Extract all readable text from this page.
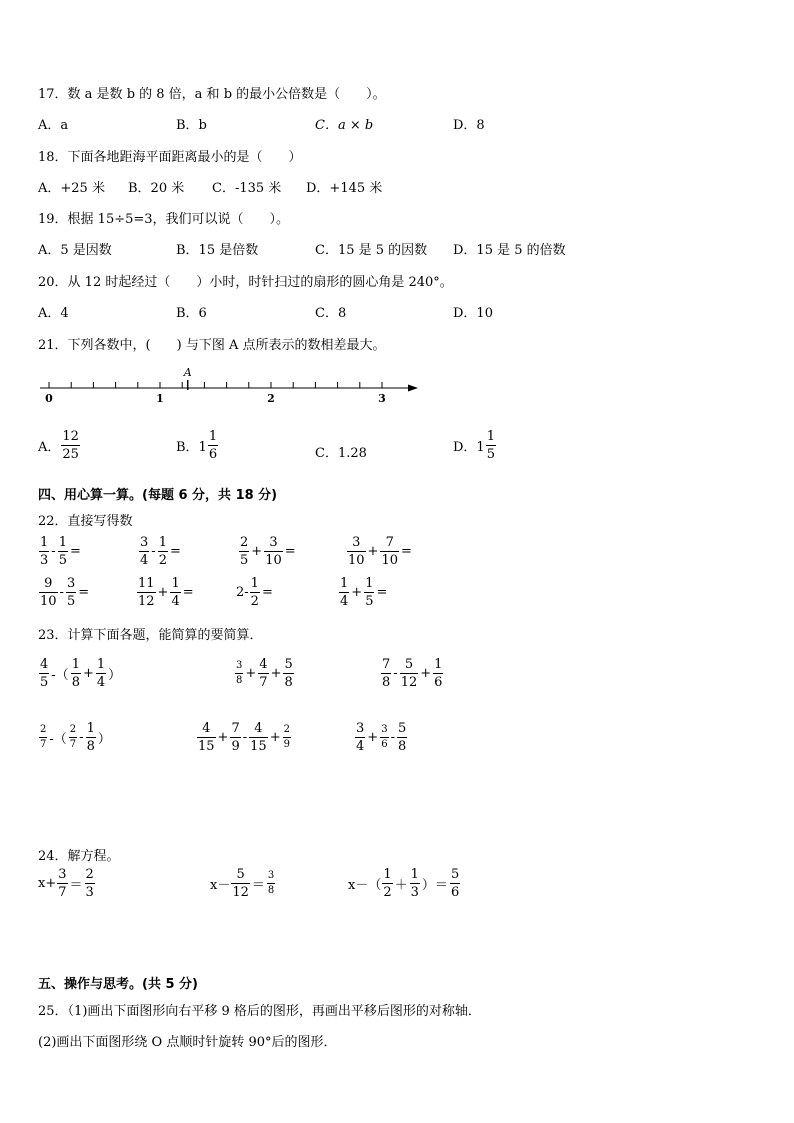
17．数 a 是数 b 的 8 倍，a 和 b 的最小公倍数是（　　）。
A．a	B．b	C．a × b	D．8
18．下面各地距海平面距离最小的是（　　）
A．+25 米 B．20 米 C．-135 米 D．+145 米
19．根据 15÷5=3，我们可以说（　　）。
A．5 是因数	B．15 是倍数	C．15 是 5 的因数 D．15 是 5 的倍数
20．从 12 时起经过（　　）小时，时针扫过的扇形的圆心角是 240°。
A．4	B．6	C．8	D．10
21．下列各数中，(　　) 与下图 A 点所表示的数相差最大。
0	1	2	3
A
A． $\frac{12}{25}$	B．$1 \frac{1}{6}$	C．1.28	D．$1 \frac{1}{5}$
四、用心算一算。(每题 6 分，共 18 分)
22．直接写得数
$\frac{1}{3} - \frac{1}{5}$ =	$\frac{3}{4} - \frac{1}{2}$ =	$\frac{2}{5} + \frac{3}{10}$ =	$\frac{3}{10} + \frac{7}{10}$ =
$\frac{9}{10} - \frac{3}{5}$ =	$\frac{11}{12} + \frac{1}{4}$ =	$2- \frac{1}{2}$ =	$\frac{1}{4} + \frac{1}{5}$ =
23．计算下面各题，能简算的要简算．
$\frac{4}{5}$ -（ $\frac{1}{8} + \frac{1}{4}$ ）	$\frac{3}{8} + \frac{4}{7} + \frac{5}{8}$	$\frac{7}{8} - \frac{5}{12} + \frac{1}{6}$
$\frac{2}{7}$ -（ $\frac{2}{7} - \frac{1}{8}$ ）	$\frac{4}{15} + \frac{7}{9} - \frac{4}{15} + \frac{2}{9}$	$\frac{3}{4} + \frac{3}{6} - \frac{5}{8}$
24．解方程。
$x+ \frac{3}{7} = \frac{2}{3}$	$x- \frac{5}{12} = \frac{3}{8}$	$x-( \frac{1}{2} + \frac{1}{3}$ ）＝ $\frac{5}{6}$
五、操作与思考。(共 5 分)
25．（1)画出下面图形向右平移 9 格后的图形，再画出平移后图形的对称轴．
(2)画出下面图形绕 O 点顺时针旋转 90°后的图形．
